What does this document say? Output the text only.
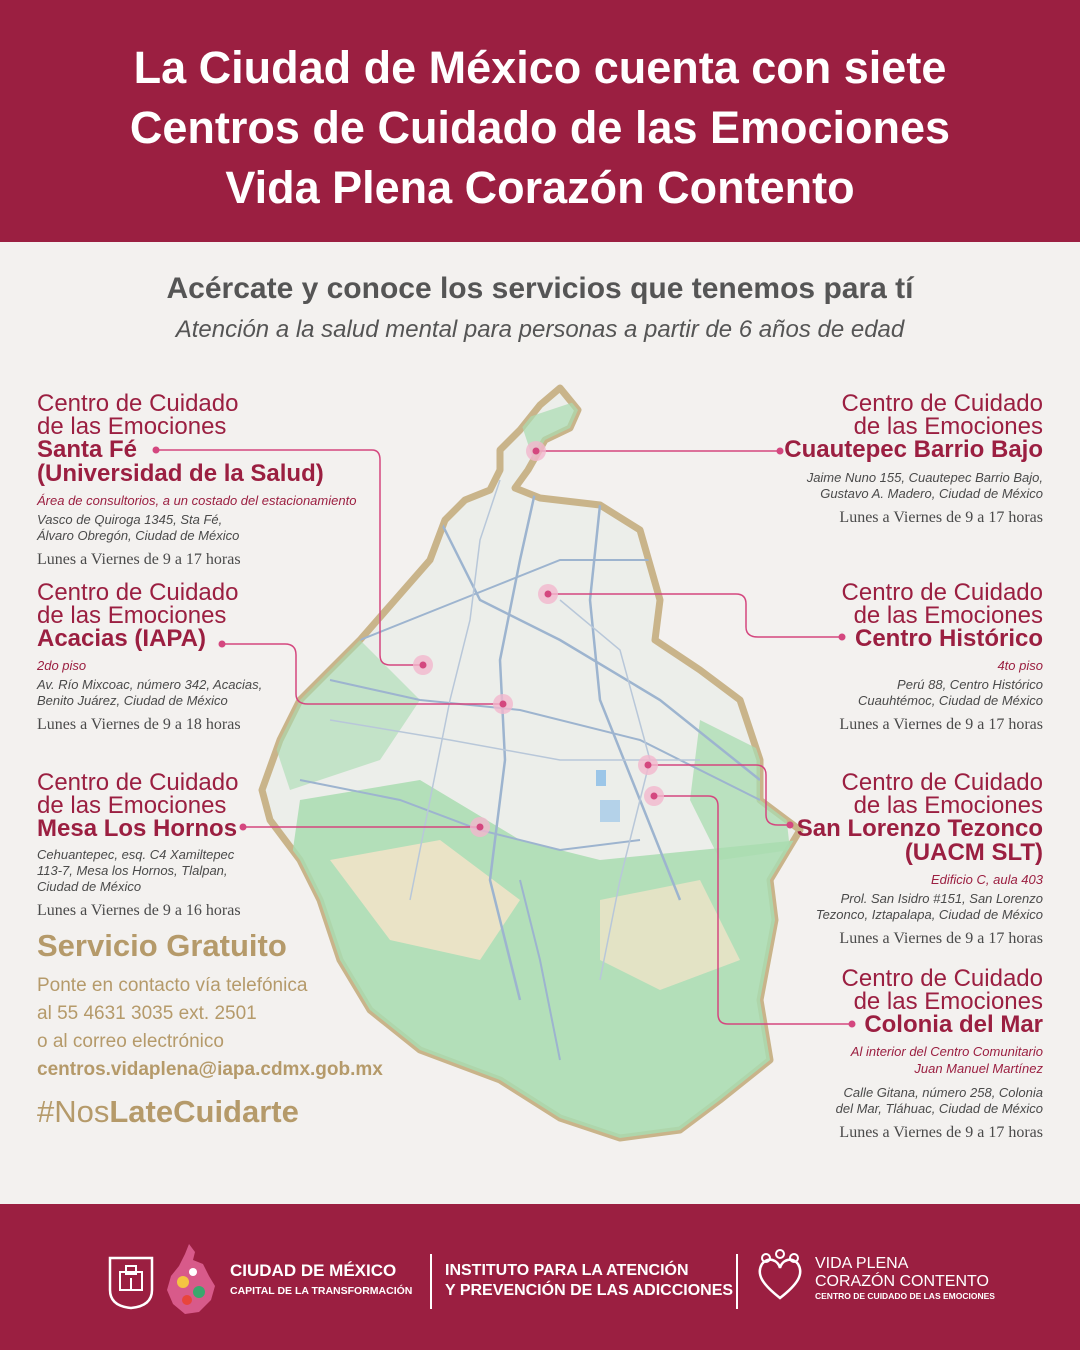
La Ciudad de México cuenta con siete
Centros de Cuidado de las Emociones
Vida Plena Corazón Contento
Acércate y conoce los servicios que tenemos para tí
Atención a la salud mental para personas a partir de 6 años de edad
Centro de Cuidado
de las Emociones
Santa Fé
(Universidad de la Salud)
Área de consultorios, a un costado del estacionamiento
Vasco de Quiroga 1345, Sta Fé,
Álvaro Obregón, Ciudad de México
Lunes a Viernes de 9 a 17 horas
Centro de Cuidado
de las Emociones
Acacias (IAPA)
2do piso
Av. Río Mixcoac, número 342, Acacias,
Benito Juárez, Ciudad de México
Lunes a Viernes de 9 a 18 horas
Centro de Cuidado
de las Emociones
Mesa Los Hornos
Cehuantepec, esq. C4 Xamiltepec
113-7, Mesa los Hornos, Tlalpan,
Ciudad de México
Lunes a Viernes de 9 a 16 horas
Centro de Cuidado
de las Emociones
Cuautepec Barrio Bajo
Jaime Nuno 155, Cuautepec Barrio Bajo,
Gustavo A. Madero, Ciudad de México
Lunes a Viernes de 9 a 17 horas
Centro de Cuidado
de las Emociones
Centro Histórico
4to piso
Perú 88, Centro Histórico
Cuauhtémoc, Ciudad de México
Lunes a Viernes de 9 a 17 horas
Centro de Cuidado
de las Emociones
San Lorenzo Tezonco
(UACM SLT)
Edificio C, aula 403
Prol. San Isidro #151, San Lorenzo
Tezonco, Iztapalapa, Ciudad de México
Lunes a Viernes de 9 a 17 horas
Centro de Cuidado
de las Emociones
Colonia del Mar
Al interior del Centro Comunitario
Juan Manuel Martínez
Calle Gitana, número 258, Colonia
del Mar, Tláhuac, Ciudad de México
Lunes a Viernes de 9 a 17 horas
Servicio Gratuito
Ponte en contacto vía telefónica
al 55 4631 3035 ext. 2501
o al correo electrónico
centros.vidaplena@iapa.cdmx.gob.mx
#NosLateCuidarte
CIUDAD DE MÉXICO
CAPITAL DE LA TRANSFORMACIÓN
INSTITUTO PARA LA ATENCIÓN
Y PREVENCIÓN DE LAS ADICCIONES
VIDA PLENA
CORAZÓN CONTENTO
CENTRO DE CUIDADO DE LAS EMOCIONES
